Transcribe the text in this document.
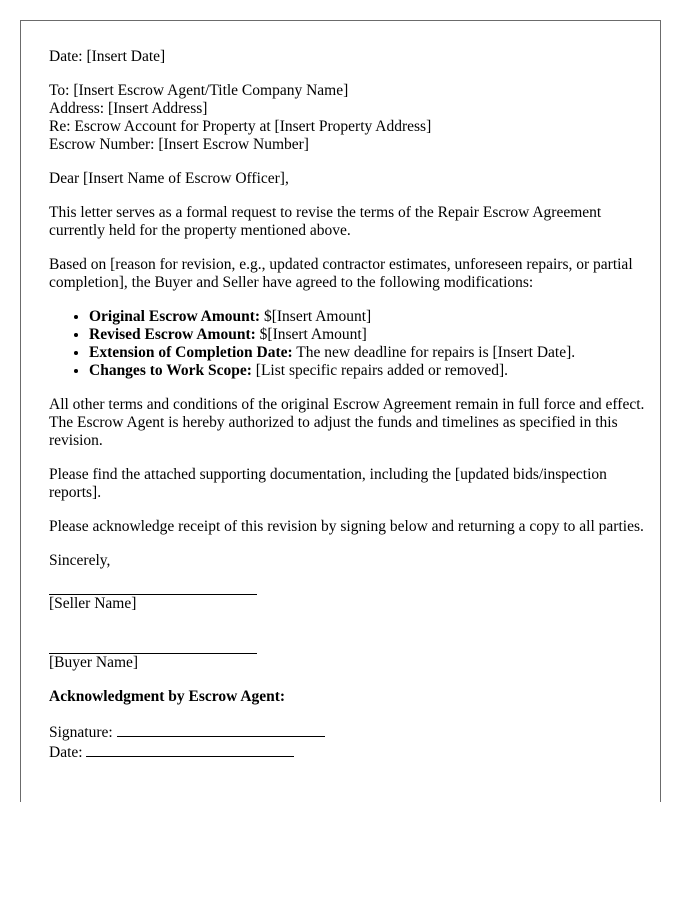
Date: [Insert Date]

To: [Insert Escrow Agent/Title Company Name]
Address: [Insert Address]
Re: Escrow Account for Property at [Insert Property Address]
Escrow Number: [Insert Escrow Number]

Dear [Insert Name of Escrow Officer],

This letter serves as a formal request to revise the terms of the Repair Escrow Agreement currently held for the property mentioned above.

Based on [reason for revision, e.g., updated contractor estimates, unforeseen repairs, or partial completion], the Buyer and Seller have agreed to the following modifications:

• Original Escrow Amount: $[Insert Amount]
• Revised Escrow Amount: $[Insert Amount]
• Extension of Completion Date: The new deadline for repairs is [Insert Date].
• Changes to Work Scope: [List specific repairs added or removed].

All other terms and conditions of the original Escrow Agreement remain in full force and effect. The Escrow Agent is hereby authorized to adjust the funds and timelines as specified in this revision.

Please find the attached supporting documentation, including the [updated bids/inspection reports].

Please acknowledge receipt of this revision by signing below and returning a copy to all parties.

Sincerely,

[Seller Name]
[Buyer Name]

Acknowledgment by Escrow Agent:

Signature:
Date:
